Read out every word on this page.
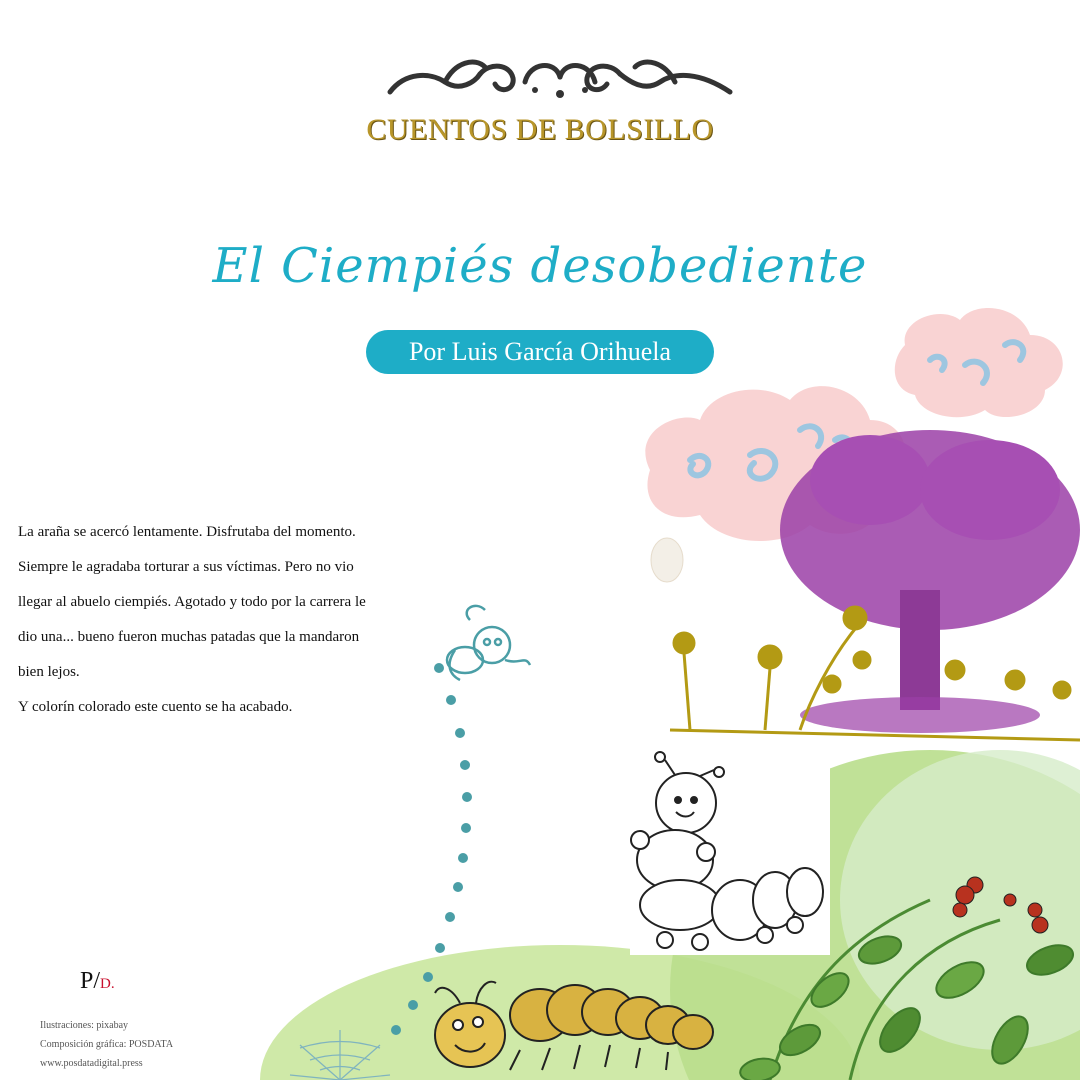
CUENTOS DE BOLSILLO
El Ciempiés desobediente
Por Luis García Orihuela

La araña se acercó lentamente. Disfrutaba del momento.

Siempre le agradaba torturar a sus víctimas. Pero no vio

llegar al abuelo ciempiés. Agotado y todo por la carrera le

dio una... bueno fueron muchas patadas que la mandaron

bien lejos.

Y colorín colorado este cuento se ha acabado.

P/D.
Ilustraciones: pixabay
Composición gráfica: POSDATA
www.posdatadigital.press
